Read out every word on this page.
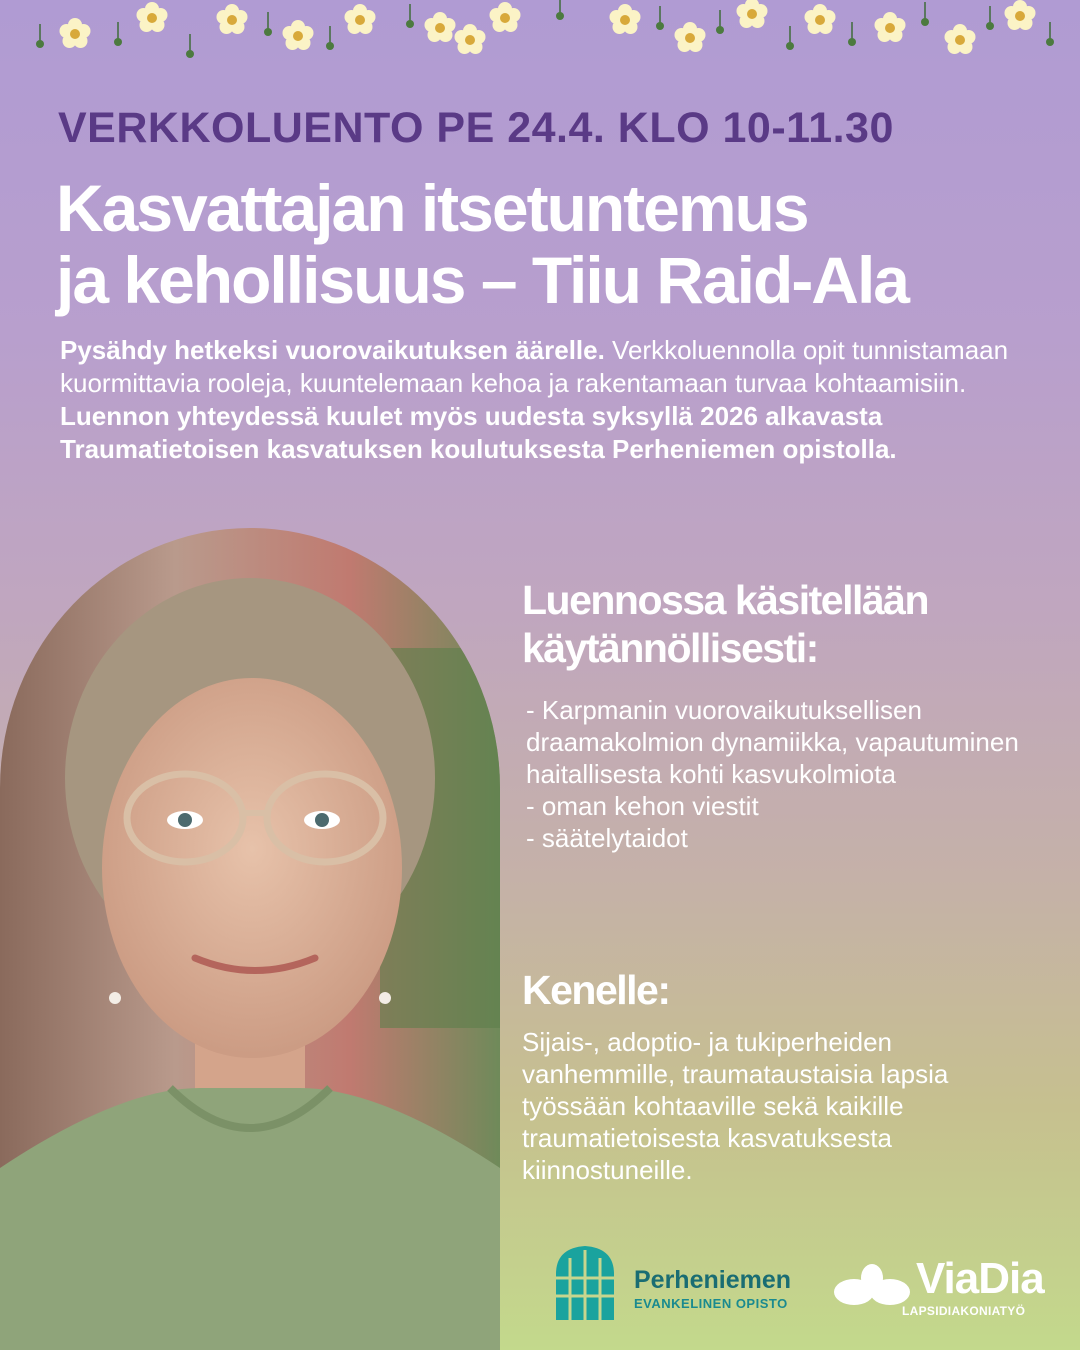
VERKKOLUENTO PE 24.4. KLO 10-11.30
Kasvattajan itsetuntemus
ja kehollisuus – Tiiu Raid-Ala

Pysähdy hetkeksi vuorovaikutuksen äärelle. Verkkoluennolla opit tunnistamaan kuormittavia rooleja, kuuntelemaan kehoa ja rakentamaan turvaa kohtaamisiin. Luennon yhteydessä kuulet myös uudesta syksyllä 2026 alkavasta Traumatietoisen kasvatuksen koulutuksesta Perheniemen opistolla.

Luennossa käsitellään
käytännöllisesti:
- Karpmanin vuorovaikutuksellisen draamakolmion dynamiikka, vapautuminen haitallisesta kohti kasvukolmiota
- oman kehon viestit
- säätelytaidot
Kenelle:

Sijais-, adoptio- ja tukiperheiden vanhemmille, traumataustaisia lapsia työssään kohtaaville sekä kaikille traumatietoisesta kasvatuksesta kiinnostuneille.

Perheniemen
EVANKELINEN OPISTO
ViaDia
LAPSIDIAKONIATYÖ
